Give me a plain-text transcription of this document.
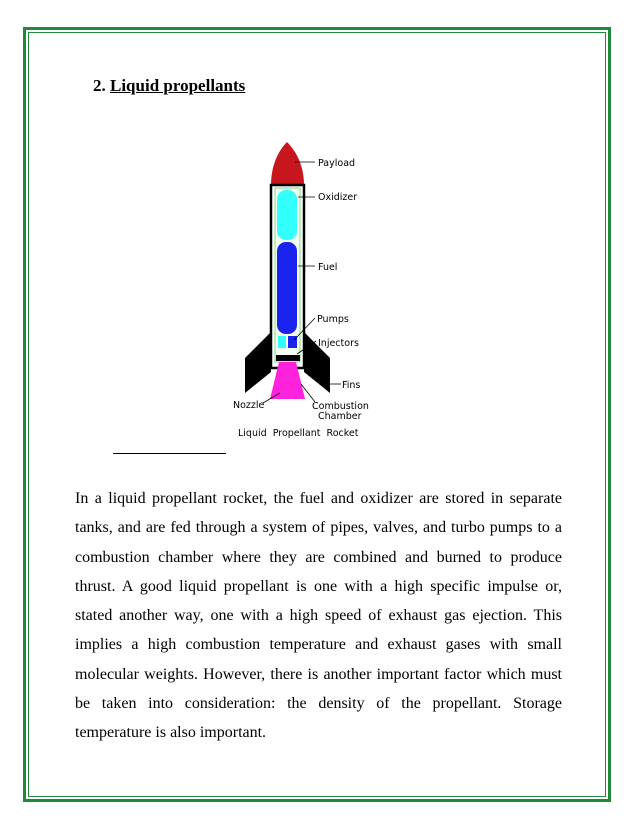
2. Liquid propellants
Payload
Oxidizer
Fuel
Pumps
Injectors
Fins
Nozzle	Combustion
Chamber
Liquid  Propellant  Rocket

In a liquid propellant rocket, the fuel and oxidizer are stored in separate tanks, and are fed through a system of pipes, valves, and turbo pumps to a combustion chamber where they are combined and burned to produce thrust. A good liquid propellant is one with a high specific impulse or, stated another way, one with a high speed of exhaust gas ejection. This implies a high combustion temperature and exhaust gases with small molecular weights. However, there is another important factor which must be taken into consideration: the density of the propellant. Storage temperature is also important.
